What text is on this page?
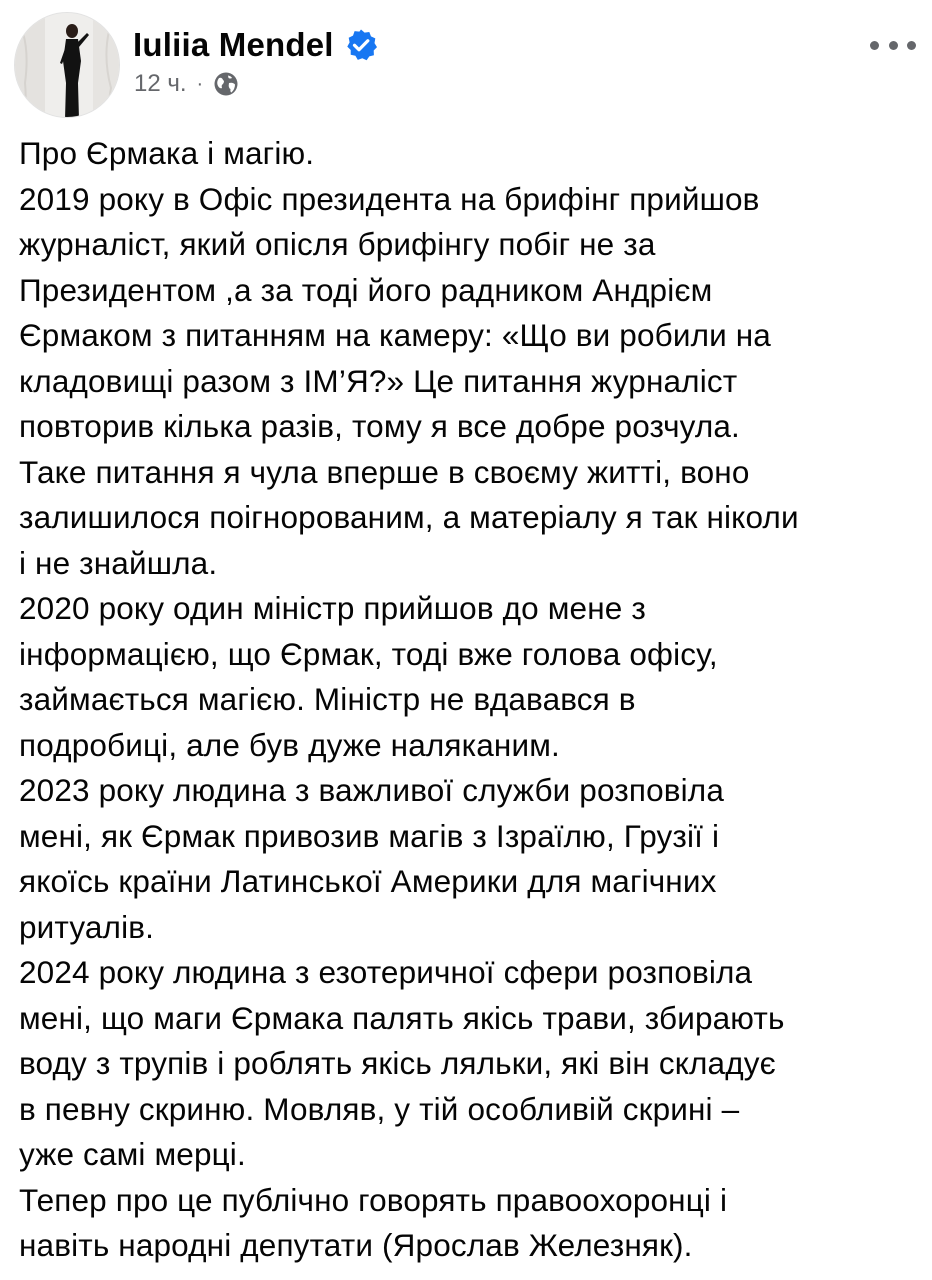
Iuliia Mendel
12 ч. ·
Про Єрмака і магію.
2019 року в Офіс президента на брифінг прийшов
журналіст, який опісля брифінгу побіг не за
Президентом ,а за тоді його радником Андрієм
Єрмаком з питанням на камеру: «Що ви робили на
кладовищі разом з ІМ’Я?» Це питання журналіст
повторив кілька разів, тому я все добре розчула.
Таке питання я чула вперше в своєму житті, воно
залишилося поігнорованим, а матеріалу я так ніколи
і не знайшла.
2020 року один міністр прийшов до мене з
інформацією, що Єрмак, тоді вже голова офісу,
займається магією. Міністр не вдавався в
подробиці, але був дуже наляканим.
2023 року людина з важливої служби розповіла
мені, як Єрмак привозив магів з Ізраїлю, Грузії і
якоїсь країни Латинської Америки для магічних
ритуалів.
2024 року людина з езотеричної сфери розповіла
мені, що маги Єрмака палять якісь трави, збирають
воду з трупів і роблять якісь ляльки, які він складує
в певну скриню. Мовляв, у тій особливій скрині –
уже самі мерці.
Тепер про це публічно говорять правоохоронці і
навіть народні депутати (Ярослав Железняк).
